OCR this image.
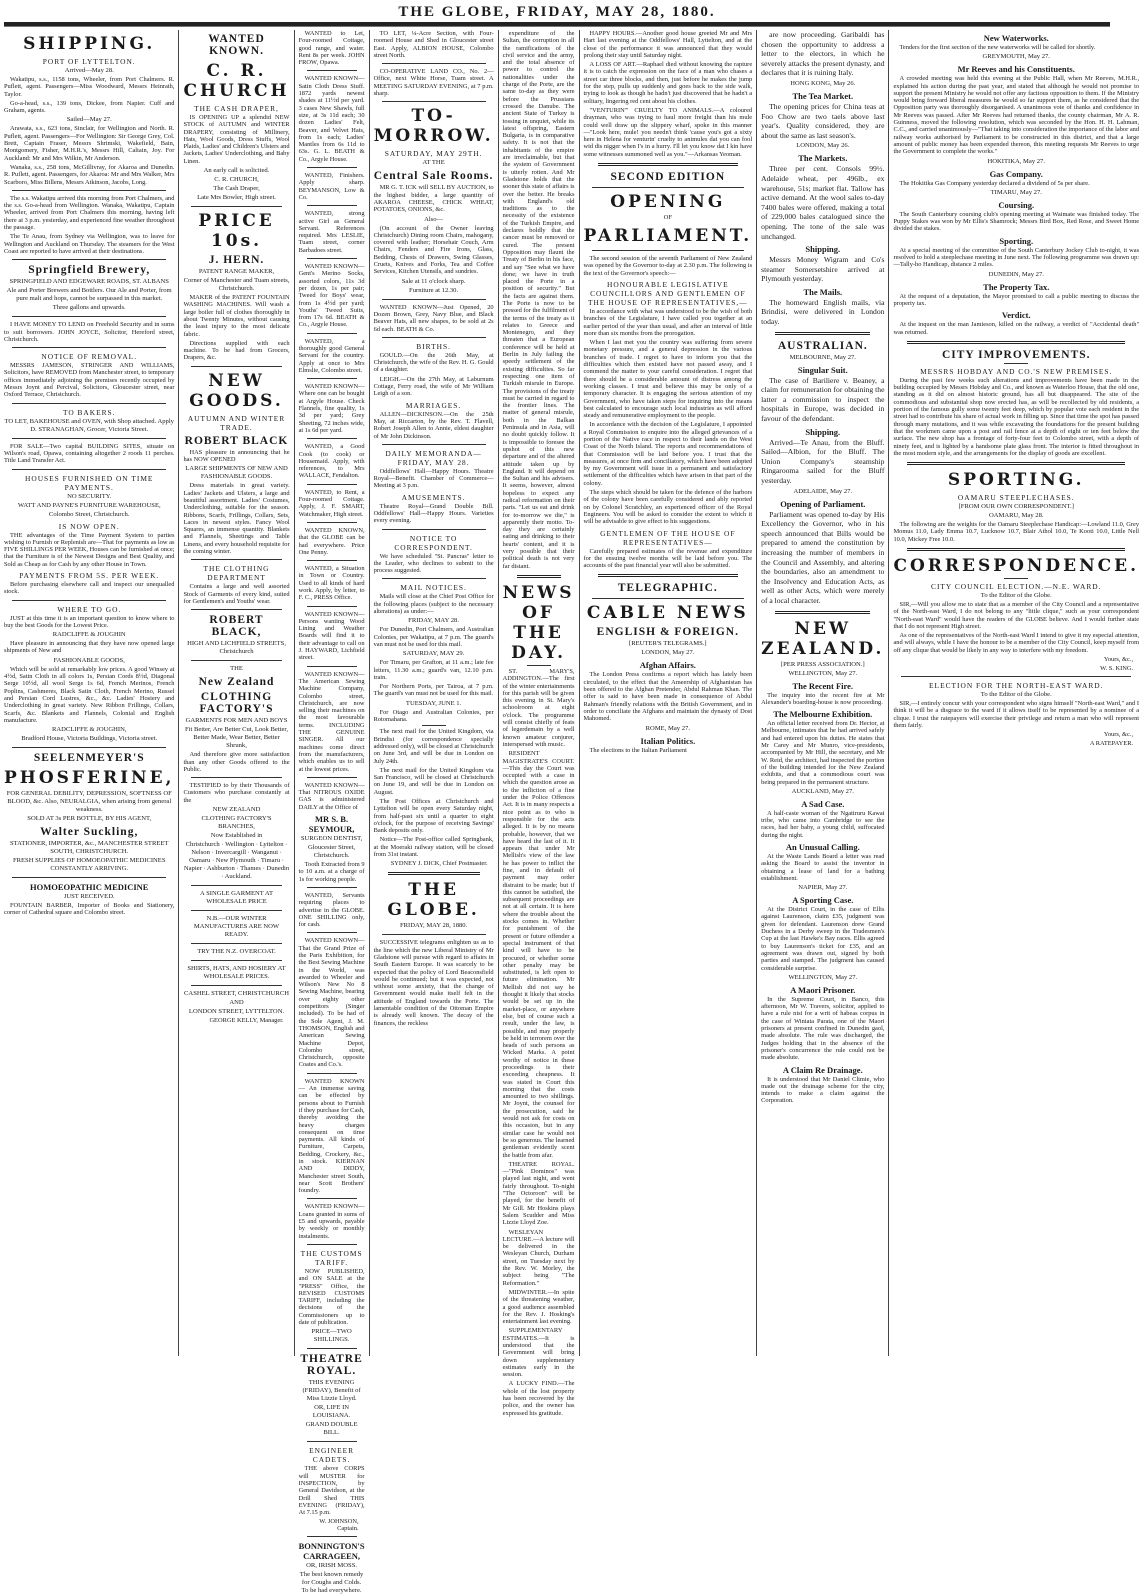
THE GLOBE, FRIDAY, MAY 28, 1880.
SHIPPING.
PORT OF LYTTELTON.
Arrived—May 28.
Wakatipu, s.s., 1158 tons, Wheeler, from Port Chalmers. R. Puflett, agent. Passengers—Miss Woodward, Messrs Heinrath, Taylor.
Go-a-head, s.s., 139 tons, Dickee, from Napier. Cuff and Graham, agents.
Sailed—May 27.
Arawata, s.s., 623 tons, Sinclair, for Wellington and North. R. Puflett, agent. Passengers—For Wellington: Sir George Grey, Col. Brett, Captain Fraser, Messrs Shrimski, Wakefield, Bain, Montgomery, Fisher, M.H.R.'s, Messrs Hill, Caltain, Joy. For Auckland: Mr and Mrs Wilkin, Mr Anderson.
Wanaka, s.s., 258 tons, McGillivray, for Akaroa and Dunedin. R. Puflett, agent. Passengers, for Akaroa: Mr and Mrs Walker, Mrs Scarboro, Miss Billens, Messrs Atkinson, Jacobs, Long.
The s.s. Wakatipu arrived this morning from Port Chalmers, and the s.s. Go-a-head from Wellington. Wanaka, Wakatipu, Captain Wheeler, arrived from Port Chalmers this morning, having left there at 3 p.m. yesterday, and experienced fine weather throughout the passage.
The Te Anau, from Sydney via Wellington, was to leave for Wellington and Auckland on Thursday. The steamers for the West Coast are reported to have arrived at their destinations.
Springfield Brewery,
SPRINGFIELD AND EDGEWARE ROADS, ST. ALBANS
Ale and Porter Brewers and Bottlers. Our Ale and Porter, from pure malt and hops, cannot be surpassed in this market.
Three gallons and upwards.
I HAVE MONEY TO LEND on Freehold Security and in sums to suit borrowers. JOHN JOYCE, Solicitor, Hereford street, Christchurch.
NOTICE OF REMOVAL.
MESSRS JAMESON, STRINGER AND WILLIAMS, Solicitors, have REMOVED from Manchester street, to temporary offices immediately adjoining the premises recently occupied by Messrs Joynt and Percival, Solicitors, Gloucester street, near Oxford Terrace, Christchurch.
TO BAKERS.
TO LET, BAKEHOUSE and OVEN, with Shop attached. Apply D. STRANAGHAN, Grocer, Victoria Street.
FOR SALE—Two capital BUILDING SITES, situate on Wilson's road, Opawa, containing altogether 2 roods 11 perches. Title Land Transfer Act.
HOUSES FURNISHED ON TIME PAYMENTS.
NO SECURITY.
WATT AND PAYNE'S FURNITURE WAREHOUSE,
Colombo Street, Christchurch.
IS NOW OPEN.
THE advantages of the Time Payment System to parties wishing to Furnish or Replenish are—That for payments as low as FIVE SHILLINGS PER WEEK, Houses can be furnished at once; that the Furniture is of the Newest Designs and Best Quality, and Sold as Cheap as for Cash by any other House in Town.
PAYMENTS FROM 5S. PER WEEK.
Before purchasing elsewhere call and inspect our unequalled stock.
WHERE TO GO.
JUST at this time it is an important question to know where to buy the best Goods for the Lowest Price.
RADCLIFFE & JOUGHIN
Have pleasure in announcing that they have now opened large shipments of New and
FASHIONABLE GOODS,
Which will be sold at remarkably low prices. A good Winsey at 4½d, Satin Cloth in all colors 1s, Persian Cords 8½d, Diagonal Serge 10½d, all wool Serge 1s 6d, French Merinos, French Poplins, Cashmeres, Black Satin Cloth, French Merino, Russel and Persian Cord Lustres, &c., &c. Ladies' Hosiery and Underclothing in great variety. New Ribbon Frillings, Collars, Scarfs, &c. Blankets and Flannels, Colonial and English manufacture.
RADCLIFFE & JOUGHIN,
Bradford House, Victoria Buildings, Victoria street.
SEELENMEYER'S
PHOSFERINE,
FOR GENERAL DEBILITY, DEPRESSION, SOFTNESS OF BLOOD, &c. Also, NEURALGIA, when arising from general weakness.
SOLD AT 3s PER BOTTLE, BY HIS AGENT,
Walter Suckling,
STATIONER, IMPORTER, &c., MANCHESTER STREET SOUTH, CHRISTCHURCH.
FRESH SUPPLIES OF HOMOEOPATHIC MEDICINES CONSTANTLY ARRIVING.
HOMOEOPATHIC MEDICINE
JUST RECEIVED.
FOUNTAIN BARBER, Importer of Books and Stationery, corner of Cathedral square and Colombo street.
WANTED KNOWN.
C. R. CHURCH
THE CASH DRAPER,
IS OPENING UP a splendid NEW STOCK of AUTUMN and WINTER DRAPERY, consisting of Millinery, Hats, Wool Goods, Dress Stuffs, Wool Plaids, Ladies' and Children's Ulsters and Jackets, Ladies' Underclothing, and Baby Linen.
An early call is solicited.
C. R. CHURCH,
The Cash Draper,
Late Mrs Bowler, High street.
PRICE 10s.
J. HERN.
PATENT RANGE MAKER,
Corner of Manchester and Tuam streets, Christchurch.
MAKER of the PATENT FOUNTAIN WASHING MACHINES. Will wash a large boiler full of clothes thoroughly in about Twenty Minutes, without causing the least injury to the most delicate fabric.
Directions supplied with each machine. To be had from Grocers, Drapers, &c.
NEW GOODS.
AUTUMN AND WINTER TRADE.
ROBERT BLACK
HAS pleasure in announcing that he has NOW OPENED
LARGE SHIPMENTS OF NEW AND FASHIONABLE GOODS.
Dress materials in great variety. Ladies' Jackets and Ulsters, a large and beautiful assortment. Ladies' Costumes, Underclothing, suitable for the season. Ribbons, Scarfs, Frillings, Collars, Sets, Laces in newest styles. Fancy Wool Squares, an immense quantity. Blankets and Flannels, Sheetings and Table Linens, and every household requisite for the coming winter.
THE CLOTHING DEPARTMENT
Contains a large and well assorted Stock of Garments of every kind, suited for Gentlemen's and Youths' wear.
ROBERT BLACK,
HIGH AND LICHFIELD STREETS, Christchurch
THE
New Zealand
CLOTHING FACTORY'S
GARMENTS FOR MEN AND BOYS
Fit Better, Are Better Cut, Look Better, Better Made, Wear Better, Better Shrunk,
And therefore give more satisfaction than any other Goods offered to the Public.
TESTIFIED to by their Thousands of Customers who purchase constantly at the
NEW ZEALAND
CLOTHING FACTORY'S BRANCHES,
Now Established in
Christchurch · Wellington · Lyttelton · Nelson · Invercargill · Wanganui · Oamaru · New Plymouth · Timaru · Napier · Ashburton · Thames · Dunedin · Auckland.
A SINGLE GARMENT AT WHOLESALE PRICE
N.B.—OUR WINTER MANUFACTURES ARE NOW READY.
TRY THE N.Z. OVERCOAT.
SHIRTS, HATS, AND HOSIERY AT WHOLESALE PRICES.
CASHEL STREET, CHRISTCHURCH
AND
LONDON STREET, LYTTELTON.
GEORGE KELLY, Manager.
WANTED to Let, Four-roomed Cottage, good range, and water. Rent 8s per week. JOHN FROW, Opawa.
WANTED KNOWN—Satin Cloth Dress Stuff. 1872 yards newest shades at 11½d per yard. 3 cases New Shawls, full size, at 3s 11d each; 30 dozen Ladies' Felt, Beaver, and Velvet Hats, from 1s each; Ladies' Mantles from 6s 11d to 63s. G. L. BEATH & Co., Argyle House.
WANTED, Finishers. Apply sharp. BEYMANSON, Low & Co.
WANTED, strong active Girl as General Servant. References required. Mrs LESLIE, Tuam street, corner Barbadoes street.
WANTED KNOWN—Gent's Merino Socks, assorted colors, 11s 3d per dozen, 1s per pair; Tweed for Boys' wear, from 1s 4½d per yard; Youths' Tweed Suits, from 17s 6d. BEATH & Co., Argyle House.
WANTED, a thoroughly good General Servant for the country. Apply at once to Mrs Elmslie, Colombo street.
WANTED KNOWN—Where one can be bought at Argyle House. Check Flannels, fine quality, 1s 3d per yard; Grey Sheeting, 72 inches wide, at 1s 6d per yard.
WANTED, a Good Cook (to cook) or Housemaid. Apply, with references, to Mrs WALLACE, Fendalton.
WANTED, to Rent, a Four-roomed Cottage. Apply, J. F. SMART, Watchmaker, High street.
WANTED KNOWN, that the GLOBE can be had everywhere. Price One Penny.
WANTED, a Situation in Town or Country. Used to all kinds of hard work. Apply, by letter, to F. C., PRESS Office.
WANTED KNOWN—Persons wanting Wood Lining and Weather Boards will find it to their advantage to call on J. HAYWARD, Lichfield street.
WANTED KNOWN—The American Sewing Machine Company, Colombo street, Christchurch, are now selling their machines on the most favourable terms. INCLUDING THE GENUINE SINGER. All our machines come direct from the manufacturers, which enables us to sell at the lowest prices.
WANTED KNOWN—That NITROUS OXIDE GAS is administered DAILY at the Office of
MR S. B. SEYMOUR,
SURGEON DENTIST,
Gloucester Street, Christchurch.
Tooth Extracted from 9 to 10 a.m. at a charge of 1s for working people.
WANTED, Servants requiring places to advertise in the GLOBE. ONE SHILLING only, for cash.
WANTED KNOWN—That the Grand Prize of the Paris Exhibition, for the Best Sewing Machine in the World, was awarded to Wheeler and Wilson's New No 8 Sewing Machine, bearing over eighty other competitors (Singer included). To be had of the Sole Agent, J. M. THOMSON, English and American Sewing Machine Depot, Colombo street, Christchurch, opposite Coates and Co.'s.
WANTED KNOWN — An immense saving can be effected by persons about to Furnish if they purchase for Cash, thereby avoiding the heavy charges consequent on time payments. All kinds of Furniture, Carpets, Bedding, Crockery, &c., in stock. KIERNAN AND DIDDY, Manchester street South, near Scott Brothers' foundry.
WANTED KNOWN—Loans granted in sums of £5 and upwards, payable by weekly or monthly instalments.
THE CUSTOMS TARIFF.
NOW PUBLISHED, and ON SALE at the "PRESS" Office, the REVISED CUSTOMS TARIFF, including the decisions of the Commissioners up to date of publication.
PRICE—TWO SHILLINGS.
THEATRE ROYAL.
THIS EVENING (FRIDAY), Benefit of Miss Lizzie Lloyd.
OR, LIFE IN LOUISIANA.
GRAND DOUBLE BILL.
ENGINEER CADETS.
THE above CORPS will MUSTER for INSPECTION, by General Davidson, at the Drill Shed THIS EVENING (FRIDAY), At 7.15 p.m.
W. JOHNSON, Captain.
BONNINGTON'S CARRAGEEN,
OR, IRISH MOSS.
The best known remedy for Coughs and Colds. To be had everywhere.
TO LET, ¼-Acre Section, with Four-roomed House and Shed in Gloucester street East. Apply, ALBION HOUSE, Colombo street North.
CO-OPERATIVE LAND CO., No. 2—Office, next White Horse, Tuam street. A MEETING SATURDAY EVENING, at 7 p.m. sharp.
TO-MORROW.
SATURDAY, MAY 29TH.
AT THE
Central Sale Rooms.
MR G. T. ICK will SELL BY AUCTION, to the highest bidder, a large quantity of AKAROA CHEESE, CHICK WHEAT, POTATOES, ONIONS, &c.
Also—
(On account of the Owner leaving Christchurch) Dining room Chairs, mahogany, covered with leather; Horsehair Couch, Arm Chairs, Fenders and Fire Irons, Glass, Bedding, Chests of Drawers, Swing Glasses, Cruets, Knives and Forks, Tea and Coffee Services, Kitchen Utensils, and sundries.
Sale at 11 o'clock sharp.
Furniture at 12.30.
WANTED KNOWN—Just Opened, 20 Dozen Brown, Grey, Navy Blue, and Black Beaver Hats, all new shapes, to be sold at 2s 6d each. BEATH & Co.
BIRTHS.
GOULD.—On the 26th May, at Christchurch, the wife of the Rev. H. G. Gould of a daughter.
LEIGH.—On the 27th May, at Laburnum Cottage, Ferry road, the wife of Mr William Leigh of a son.
MARRIAGES.
ALLEN—DICKINSON.—On the 25th May, at Riccarton, by the Rev. T. Flavell, Robert Joseph Allen to Annie, eldest daughter of Mr John Dickinson.
DAILY MEMORANDA—FRIDAY, MAY 28.
Oddfellows' Hall—Happy Hours. Theatre Royal—Benefit. Chamber of Commerce—Meeting at 3 p.m.
AMUSEMENTS.
Theatre Royal—Grand Double Bill. Oddfellows' Hall—Happy Hours. Varieties every evening.
NOTICE TO CORRESPONDENT.
We have scheduled "St. Pancras" letter to the Leader, who declines to submit to the process suggested.
MAIL NOTICES.
Mails will close at the Chief Post Office for the following places (subject to the necessary alterations) as under:—
FRIDAY, MAY 28.
For Dunedin, Port Chalmers, and Australian Colonies, per Wakatipu, at 7 p.m. The guard's van must not be used for this mail.
SATURDAY, MAY 29.
For Timaru, per Grafton, at 11 a.m.; late fee letters, 11.30 a.m.; guard's van, 12.10 p.m. train.
For Northern Ports, per Tairoa, at 7 p.m. The guard's van must not be used for this mail.
TUESDAY, JUNE 1.
For Otago and Australian Colonies, per Rotomahana.
The next mail for the United Kingdom, via Brindisi (for correspondence specially addressed only), will be closed at Christchurch on June 3rd, and will be due in London on July 24th.
The next mail for the United Kingdom via San Francisco, will be closed at Christchurch on June 19, and will be due in London on August.
The Post Offices at Christchurch and Lyttelton will be open every Saturday night, from half-past six until a quarter to eight o'clock, for the purpose of receiving Savings' Bank deposits only.
Notice—The Post-office called Springbank, at the Moeraki railway station, will be closed from 31st instant.
SYDNEY J. DICK, Chief Postmaster.
THE GLOBE.
FRIDAY, MAY 28, 1880.
SUCCESSIVE telegrams enlighten us as to the line which the new Liberal Ministry of Mr Gladstone will pursue with regard to affairs in South Eastern Europe. It was scarcely to be expected that the policy of Lord Beaconsfield would be continued; but it was expected, not without some anxiety, that the change of Government would make itself felt in the attitude of England towards the Porte. The lamentable condition of the Ottoman Empire is already well known. The decay of the finances, the reckless
expenditure of the Sultan, the corruption in all the ramifications of the civil service and the army, and the total absence of power to control the nationalities under the charge of the Porte, are the same to-day as they were before the Prussians crossed the Danube. The ancient State of Turkey is tossing in unquiet, while its latest offspring, Eastern Bulgaria, is in comparative safety. It is not that the inhabitants of the empire are irreclaimable, but that the system of Government is utterly rotten. And Mr Gladstone holds that the sooner this state of affairs is over the better. He breaks with England's old traditions as to the necessity of the existence of the Turkish Empire, and declares boldly that the cancer must be removed or cured. The present Opposition may flaunt the Treaty of Berlin in his face, and say "See what we have done; we have in truth placed the Porte in a position of security." But the facts are against them. The Porte is now to be pressed for the fulfilment of the terms of the treaty as it relates to Greece and Montenegro, and they threaten that a European conference will be held at Berlin in July failing the speedy settlement of the existing difficulties. So far respecting one item of Turkish misrule in Europe. The provisions of the treaty must be carried in regard to the frontier lines. The matter of general misrule, both in the Balkan Peninsula and in Asia, will no doubt quickly follow. It is impossible to foresee the upshot of this new departure and of the altered attitude taken up by England. It will depend on the Sultan and his advisers. It seems, however, almost hopeless to expect any radical reformation on their parts. "Let us eat and drink for to-morrow we die," is apparently their motto. To-day they are certainly eating and drinking to their hearts' content, and it is very possible that their political death is not very far distant.
NEWS OF THE DAY.
ST. MARY'S, ADDINGTON.—The first of the winter entertainments for this parish will be given this evening in St. Mary's schoolroom at eight o'clock. The programme will consist chiefly of feats of legerdemain by a well known amateur conjurer, interspersed with music.
RESIDENT MAGISTRATE'S COURT.—This day the Court was occupied with a case in which the question arose as to the infliction of a fine under the Police Offences Act. It is in many respects a nice point as to who is responsible for the acts alleged. It is by no means probable, however, that we have heard the last of it. It appears that under Mr Mellish's view of the law he has power to inflict the fine, and in default of payment may order distraint to be made; but if this cannot be satisfied, the subsequent proceedings are not at all certain. It is here where the trouble about the stocks comes in. Whether for punishment of the present or future offender a special instrument of that kind will have to be procured, or whether some other penalty may be substituted, is left open to future elimination. Mr Mellish did not say he thought it likely that stocks would be set up in the market-place, or anywhere else, but of course such a result, under the law, is possible, and may properly be held in terrorem over the heads of such persons as Wicked Marks. A point worthy of notice in these proceedings is their exceeding cheapness. It was stated in Court this morning that the costs amounted to two shillings. Mr Joynt, the counsel for the prosecution, said he would not ask for costs on this occasion, but in any similar case he would not be so generous. The learned gentleman evidently scent the battle from afar.
THEATRE ROYAL.—"Pink Dominos" was played last night, and went fairly throughout. To-night "The Octoroon" will be played, for the benefit of Mr Gill. Mr Hoskins plays Salem Scudder and Miss Lizzie Lloyd Zoe.
WESLEYAN LECTURE.—A lecture will be delivered in the Wesleyan Church, Durham street, on Tuesday next by the Rev. W. Morley, the subject being "The Reformation."
MIDWINTER.—In spite of the threatening weather, a good audience assembled for the Rev. J. Hosking's entertainment last evening.
SUPPLEMENTARY ESTIMATES.—It is understood that the Government will bring down supplementary estimates early in the session.
A LUCKY FIND.—The whole of the lost property has been recovered by the police, and the owner has expressed his gratitude.
HAPPY HOURS.—Another good house greeted Mr and Mrs Hart last evening at the Oddfellows' Hall, Lyttelton, and at the close of the performance it was announced that they would prolong their stay until Saturday night.
A LOSS OF ART.—Raphael died without knowing the rapture it is to catch the expression on the face of a man who chases a street car three blocks, and then, just before he makes the jump for the step, pulls up suddenly and goes back to the side walk, trying to look as though he hadn't just discovered that he hadn't a solitary, lingering red cent about his clothes.
"VENTURIN'" CRUELTY TO ANIMALS.—A coloured drayman, who was trying to haul more freight than his mule could well draw up the slippery wharf, spoke in this manner—"Look here, mule! you needn't think 'cause you's got a sixty here in Helena for venturin' cruelty to animules dat you can fool wid dis nigger when I's in a hurry. I'll let you know dat I kin have some witnesses summoned well as you."—Arkansas Yeoman.
SECOND EDITION
OPENING
OF
PARLIAMENT.
The second session of the seventh Parliament of New Zealand was opened by the Governor to-day at 2.30 p.m. The following is the text of the Governor's speech:—
HONOURABLE LEGISLATIVE COUNCILLORS AND GENTLEMEN OF THE HOUSE OF REPRESENTATIVES,—
In accordance with what was understood to be the wish of both branches of the Legislature, I have called you together at an earlier period of the year than usual, and after an interval of little more than six months from the prorogation.
When I last met you the country was suffering from severe monetary pressure, and a general depression in the various branches of trade. I regret to have to inform you that the difficulties which then existed have not passed away, and I commend the matter to your careful consideration. I regret that there should be a considerable amount of distress among the working classes. I trust and believe this may be only of a temporary character. It is engaging the serious attention of my Government, who have taken steps for inquiring into the means best calculated to encourage such local industries as will afford steady and remunerative employment to the people.
In accordance with the decision of the Legislature, I appointed a Royal Commission to enquire into the alleged grievances of a portion of the Native race in respect to their lands on the West Coast of the North Island. The reports and recommendations of that Commission will be laid before you. I trust that the measures, at once firm and conciliatory, which have been adopted by my Government will issue in a permanent and satisfactory settlement of the difficulties which have arisen in that part of the colony.
The steps which should be taken for the defence of the harbors of the colony have been carefully considered and ably reported on by Colonel Scratchley, an experienced officer of the Royal Engineers. You will be asked to consider the extent to which it will be advisable to give effect to his suggestions.
GENTLEMEN OF THE HOUSE OF REPRESENTATIVES—
Carefully prepared estimates of the revenue and expenditure for the ensuing twelve months will be laid before you. The accounts of the past financial year will also be submitted.
TELEGRAPHIC.
CABLE NEWS
ENGLISH & FOREIGN.
[REUTER'S TELEGRAMS.]
LONDON, May 27.
Afghan Affairs.
The London Press confirms a report which has lately been circulated, to the effect that the Ameership of Afghanistan has been offered to the Afghan Pretender, Abdul Rahman Khan. The offer is said to have been made in consequence of Abdul Rahman's friendly relations with the British Government, and in order to conciliate the Afghans and maintain the dynasty of Dost Mahomed.
ROME, May 27.
Italian Politics.
The elections to the Italian Parliament
are now proceeding. Garibaldi has chosen the opportunity to address a letter to the electors, in which he severely attacks the present dynasty, and declares that it is ruining Italy.
HONG KONG, May 26.
The Tea Market.
The opening prices for China teas at Foo Chow are two taels above last year's. Quality considered, they are about the same as last season's.
LONDON, May 26.
The Markets.
Three per cent. Consols 99½. Adelaide wheat, per 496lb., ex warehouse, 51s; market flat. Tallow has active demand. At the wool sales to-day 7400 bales were offered, making a total of 229,000 bales catalogued since the opening. The tone of the sale was unchanged.
Shipping.
Messrs Money Wigram and Co's steamer Somersetshire arrived at Plymouth yesterday.
The Mails.
The homeward English mails, via Brindisi, were delivered in London today.
AUSTRALIAN.
MELBOURNE, May 27.
Singular Suit.
The case of Bariliere v. Beaney, a claim for remuneration for obtaining the latter a commission to inspect the hospitals in Europe, was decided in favour of the defendant.
Shipping.
Arrived—Te Anau, from the Bluff. Sailed—Albion, for the Bluff. The Union Company's steamship Ringarooma sailed for the Bluff yesterday.
ADELAIDE, May 27.
Opening of Parliament.
Parliament was opened to-day by His Excellency the Governor, who in his speech announced that Bills would be prepared to amend the constitution by increasing the number of members in the Council and Assembly, and altering the boundaries, also an amendment to the Insolvency and Education Acts, as well as other Acts, which were merely of a local character.
NEW ZEALAND.
[PER PRESS ASSOCIATION.]
WELLINGTON, May 27.
The Recent Fire.
The inquiry into the recent fire at Mr Alexander's boarding-house is now proceeding.
The Melbourne Exhibition.
An official letter received from Dr. Hector, at Melbourne, intimates that he had arrived safely and had entered upon his duties. He states that Mr Carey and Mr Munro, vice-presidents, accompanied by Mr Hill, the secretary, and Mr W. Reid, the architect, had inspected the portion of the building intended for the New Zealand exhibits, and that a commodious court was being prepared in the permanent structure.
AUCKLAND, May 27.
A Sad Case.
A half-caste woman of the Ngatiruru Kawai tribe, who came into Cambridge to see the races, had her baby, a young child, suffocated during the night.
An Unusual Calling.
At the Waste Lands Board a letter was read asking the Board to assist the inventor in obtaining a lease of land for a bathing establishment.
NAPIER, May 27.
A Sporting Case.
At the District Court, in the case of Ellis against Laurenson, claim £35, judgment was given for defendant. Laurenson drew Grand Duchess in a Derby sweep in the Tradesmen's Cup at the last Hawke's Bay races. Ellis agreed to buy Laurenson's ticket for £35, and an agreement was drawn out, signed by both parties and stamped. The judgment has caused considerable surprise.
WELLINGTON, May 27.
A Maori Prisoner.
In the Supreme Court, in Banco, this afternoon, Mr W. Travers, solicitor, applied to have a rule nisi for a writ of habeas corpus in the case of Winiata Parata, one of the Maori prisoners at present confined in Dunedin gaol, made absolute. The rule was discharged, the Judges holding that in the absence of the prisoner's concurrence the rule could not be made absolute.
A Claim Re Drainage.
It is understood that Mr Daniel Climie, who made out the drainage scheme for the city, intends to make a claim against the Corporation.
New Waterworks.
Tenders for the first section of the new waterworks will be called for shortly.
GREYMOUTH, May 27.
Mr Reeves and his Constituents.
A crowded meeting was held this evening at the Public Hall, when Mr Reeves, M.H.R., explained his action during the past year, and stated that although he would not promise to support the present Ministry he would not offer any factious opposition to them. If the Ministry would bring forward liberal measures he would so far support them, as he considered that the Opposition party was thoroughly disorganised. A unanimous vote of thanks and confidence in Mr Reeves was passed. After Mr Reeves had returned thanks, the county chairman, Mr A. R. Guinness, moved the following resolution, which was seconded by the Hon. H. H. Lahman, C.C., and carried unanimously—"That taking into consideration the importance of the labor and railway works authorised by Parliament to be constructed in this district, and that a large amount of public money has been expended thereon, this meeting requests Mr Reeves to urge the Government to complete the works."
HOKITIKA, May 27.
Gas Company.
The Hokitika Gas Company yesterday declared a dividend of 5s per share.
TIMARU, May 27.
Coursing.
The South Canterbury coursing club's opening meeting at Waimate was finished today. The Puppy Stakes was won by Mr Ellis's Shamrock; Messrs Bird Box, Red Rose, and Sweet Home divided the stakes.
Sporting.
At a special meeting of the committee of the South Canterbury Jockey Club to-night, it was resolved to hold a steeplechase meeting in June next. The following programme was drawn up:—Tally-ho Handicap, distance 2 miles.
DUNEDIN, May 27.
The Property Tax.
At the request of a deputation, the Mayor promised to call a public meeting to discuss the property tax.
Verdict.
At the inquest on the man Jamieson, killed on the railway, a verdict of "Accidental death" was returned.
CITY IMPROVEMENTS.
MESSRS HOBDAY AND CO.'S NEW PREMISES.
During the past few weeks such alterations and improvements have been made in the building occupied by Messrs Hobday and Co., and known as Waterloo House, that the old one, standing as it did on almost historic ground, has all but disappeared. The site of the commodious and substantial shop now erected has, as will be recollected by old residents, a portion of the famous gully some twenty feet deep, which by popular vote each resident in the street had to contribute his share of actual work in filling up. Since that time the spot has passed through many mutations, and it was while excavating the foundations for the present building that the workmen came upon a post and rail fence at a depth of eight or ten feet below the surface. The new shop has a frontage of forty-four feet to Colombo street, with a depth of ninety feet, and is lighted by a handsome plate glass front. The interior is fitted throughout in the most modern style, and the arrangements for the display of goods are excellent.
SPORTING.
OAMARU STEEPLECHASES.
[FROM OUR OWN CORRESPONDENT.]
OAMARU, May 28.
The following are the weights for the Oamaru Steeplechase Handicap:—Lowland 11.0, Grey Momus 11.0, Lady Emma 10.7, Lucknow 10.7, Blair Athol 10.0, Te Kooti 10.0, Little Nell 10.0, Mickey Free 10.0.
CORRESPONDENCE.
CITY COUNCIL ELECTION.—N.E. WARD.
To the Editor of the Globe.
SIR,—Will you allow me to state that as a member of the City Council and a representative of the North-east Ward, I do not belong to any "little clique," such as your correspondent "North-east Ward" would have the readers of the GLOBE believe. And I would further state that I do not represent High street.
As one of the representatives of the North-east Ward I intend to give it my especial attention, and will always, while I have the honour to be a member of the City Council, keep myself from off any clique that would be likely in any way to interfere with my freedom.
Yours, &c.,
W. S. KING.
ELECTION FOR THE NORTH-EAST WARD.
To the Editor of the Globe.
SIR,—I entirely concur with your correspondent who signs himself "North-east Ward," and I think it will be a disgrace to the ward if it allows itself to be represented by a nominee of a clique. I trust the ratepayers will exercise their privilege and return a man who will represent them fairly.
Yours, &c.,
A RATEPAYER.
